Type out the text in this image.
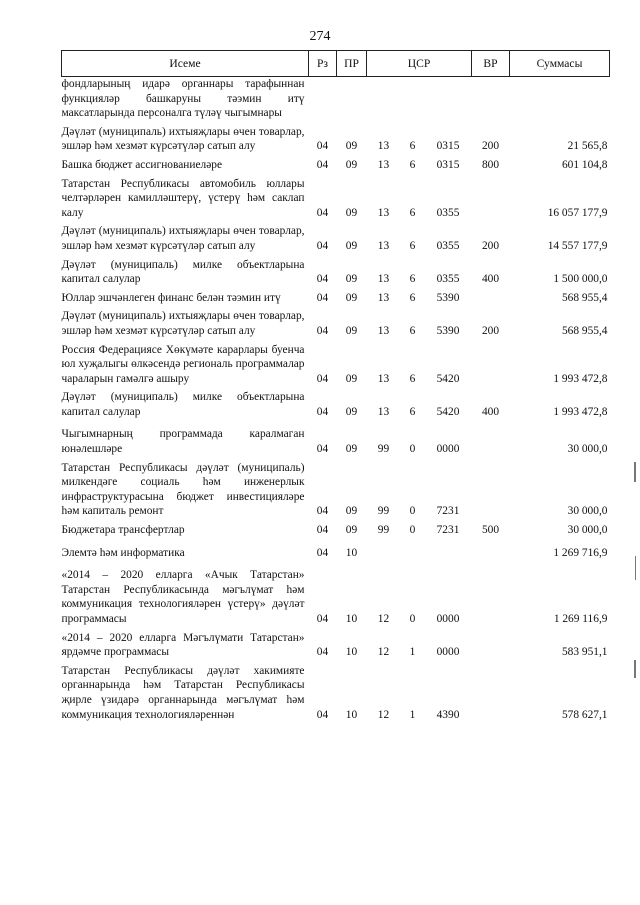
274
Исеме	Рз	ПР	ЦСР			ВР	Суммасы
фондларының идарә органнары тарафыннан функцияләр башкаруны тәэмин итү максатларында персоналга түләү чыгымнары							
Дәүләт (муниципаль) ихтыяҗлары өчен товарлар, эшләр һәм хезмәт күрсәтүләр сатып алу	04	09	13	6	0315	200	21 565,8
Башка бюджет ассигнованиеләре	04	09	13	6	0315	800	601 104,8
Татарстан Республикасы автомобиль юллары челтәрләрен камилләштерү, үстерү һәм саклап калу	04	09	13	6	0355		16 057 177,9
Дәүләт (муниципаль) ихтыяҗлары өчен товарлар, эшләр һәм хезмәт күрсәтүләр сатып алу	04	09	13	6	0355	200	14 557 177,9
Дәүләт (муниципаль) милке объектларына капитал салулар	04	09	13	6	0355	400	1 500 000,0
Юллар эшчәнлеген финанс белән тәэмин итү	04	09	13	6	5390		568 955,4
Дәүләт (муниципаль) ихтыяҗлары өчен товарлар, эшләр һәм хезмәт күрсәтүләр сатып алу	04	09	13	6	5390	200	568 955,4
Россия Федерациясе Хөкүмәте карарлары буенча юл хуҗалыгы өлкәсендә региональ программалар чараларын гамәлгә ашыру	04	09	13	6	5420		1 993 472,8
Дәүләт (муниципаль) милке объектларына капитал салулар	04	09	13	6	5420	400	1 993 472,8
Чыгымнарның программада каралмаган юнәлешләре	04	09	99	0	0000		30 000,0
Татарстан Республикасы дәүләт (муниципаль) милкендәге социаль һәм инженерлык инфраструктурасына бюджет инвестицияләре һәм капиталь ремонт	04	09	99	0	7231		30 000,0
Бюджетара трансфертлар	04	09	99	0	7231	500	30 000,0
Элемтә һәм информатика	04	10					1 269 716,9
«2014 – 2020 елларга «Ачык Татарстан» Татарстан Республикасында мәгълүмат һәм коммуникация технологияләрен үстерү» дәүләт программасы	04	10	12	0	0000		1 269 116,9
«2014 – 2020 елларга Мәгълүмати Татарстан» ярдәмче программасы	04	10	12	1	0000		583 951,1
Татарстан Республикасы дәүләт хакимияте органнарында һәм Татарстан Республикасы җирле үзидарә органнарында мәгълүмат һәм коммуникация технологияләреннән	04	10	12	1	4390		578 627,1
